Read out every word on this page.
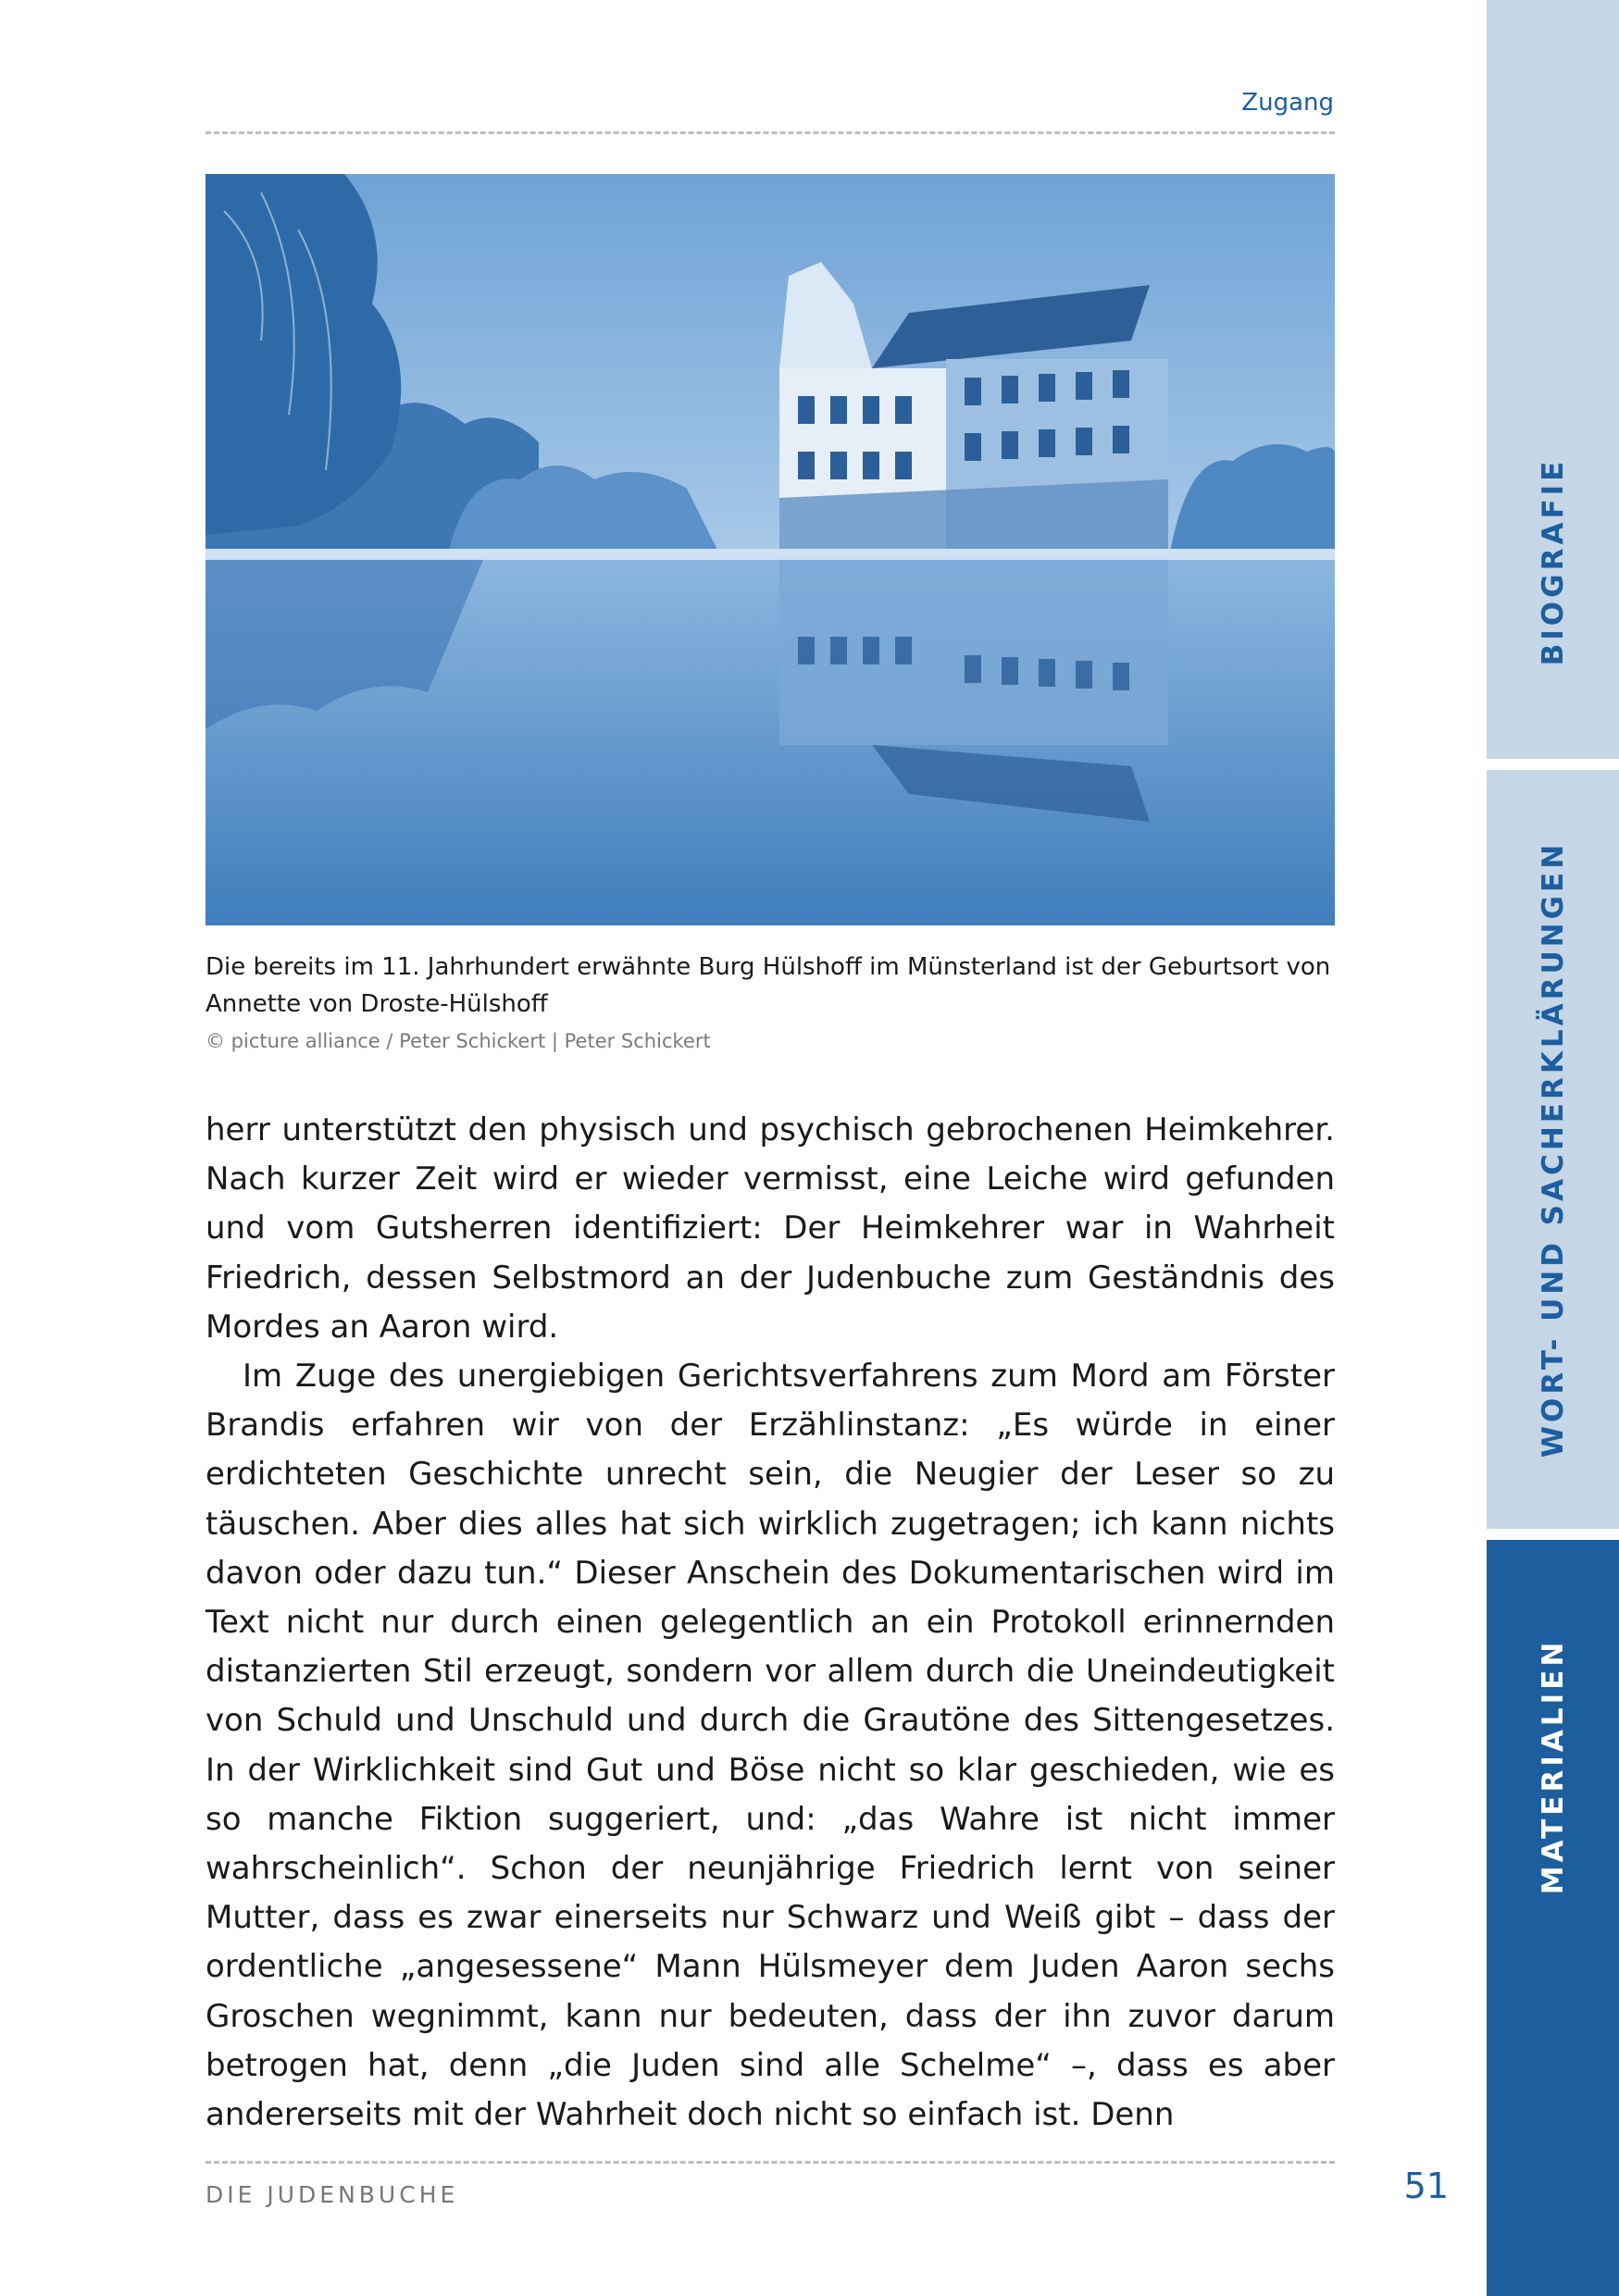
Zugang
Die bereits im 11. Jahrhundert erwähnte Burg Hülshoff im Münsterland ist der Geburtsort von Annette von Droste-Hülshoff
© picture alliance / Peter Schickert | Peter Schickert

herr unterstützt den physisch und psychisch gebrochenen Heimkehrer. Nach kurzer Zeit wird er wieder vermisst, eine Leiche wird gefunden und vom Gutsherren identifiziert: Der Heimkehrer war in Wahrheit Friedrich, dessen Selbstmord an der Judenbuche zum Geständnis des Mordes an Aaron wird.

Im Zuge des unergiebigen Gerichtsverfahrens zum Mord am Förster Brandis erfahren wir von der Erzählinstanz: „Es würde in einer erdichteten Geschichte unrecht sein, die Neugier der Leser so zu täuschen. Aber dies alles hat sich wirklich zugetragen; ich kann nichts davon oder dazu tun.“ Dieser Anschein des Dokumentarischen wird im Text nicht nur durch einen gelegentlich an ein Protokoll erinnernden distanzierten Stil erzeugt, sondern vor allem durch die Uneindeutigkeit von Schuld und Unschuld und durch die Grautöne des Sittengesetzes. In der Wirklichkeit sind Gut und Böse nicht so klar geschieden, wie es so manche Fiktion suggeriert, und: „das Wahre ist nicht immer wahrscheinlich“. Schon der neunjährige Friedrich lernt von seiner Mutter, dass es zwar einerseits nur Schwarz und Weiß gibt – dass der ordentliche „angesessene“ Mann Hülsmeyer dem Juden Aaron sechs Groschen wegnimmt, kann nur bedeuten, dass der ihn zuvor darum betrogen hat, denn „die Juden sind alle Schelme“ –, dass es aber andererseits mit der Wahrheit doch nicht so einfach ist. Denn

DIE JUDENBUCHE	51
BIOGRAFIE
WORT- UND SACHERKLÄRUNGEN
MATERIALIEN
